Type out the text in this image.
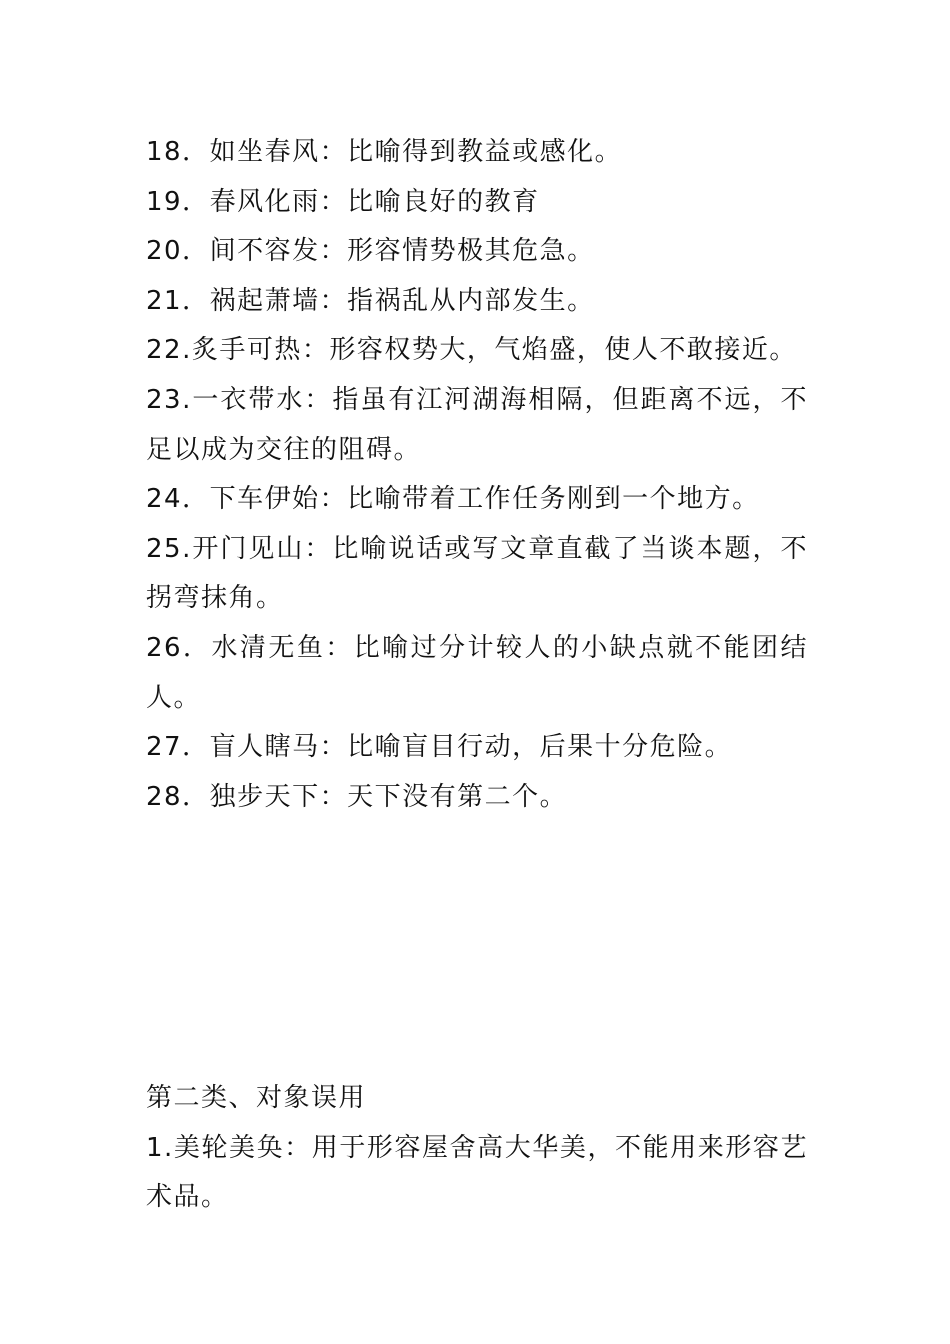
18．如坐春风：比喻得到教益或感化。
19．春风化雨：比喻良好的教育
20．间不容发：形容情势极其危急。
21．祸起萧墙：指祸乱从内部发生。
22.炙手可热：形容权势大，气焰盛，使人不敢接近。
23.一衣带水：指虽有江河湖海相隔，但距离不远，不足以成为交往的阻碍。
24．下车伊始：比喻带着工作任务刚到一个地方。
25.开门见山：比喻说话或写文章直截了当谈本题，不拐弯抹角。
26．水清无鱼：比喻过分计较人的小缺点就不能团结人。
27．盲人瞎马：比喻盲目行动，后果十分危险。
28．独步天下：天下没有第二个。
第二类、对象误用
1.美轮美奂：用于形容屋舍高大华美，不能用来形容艺术品。
